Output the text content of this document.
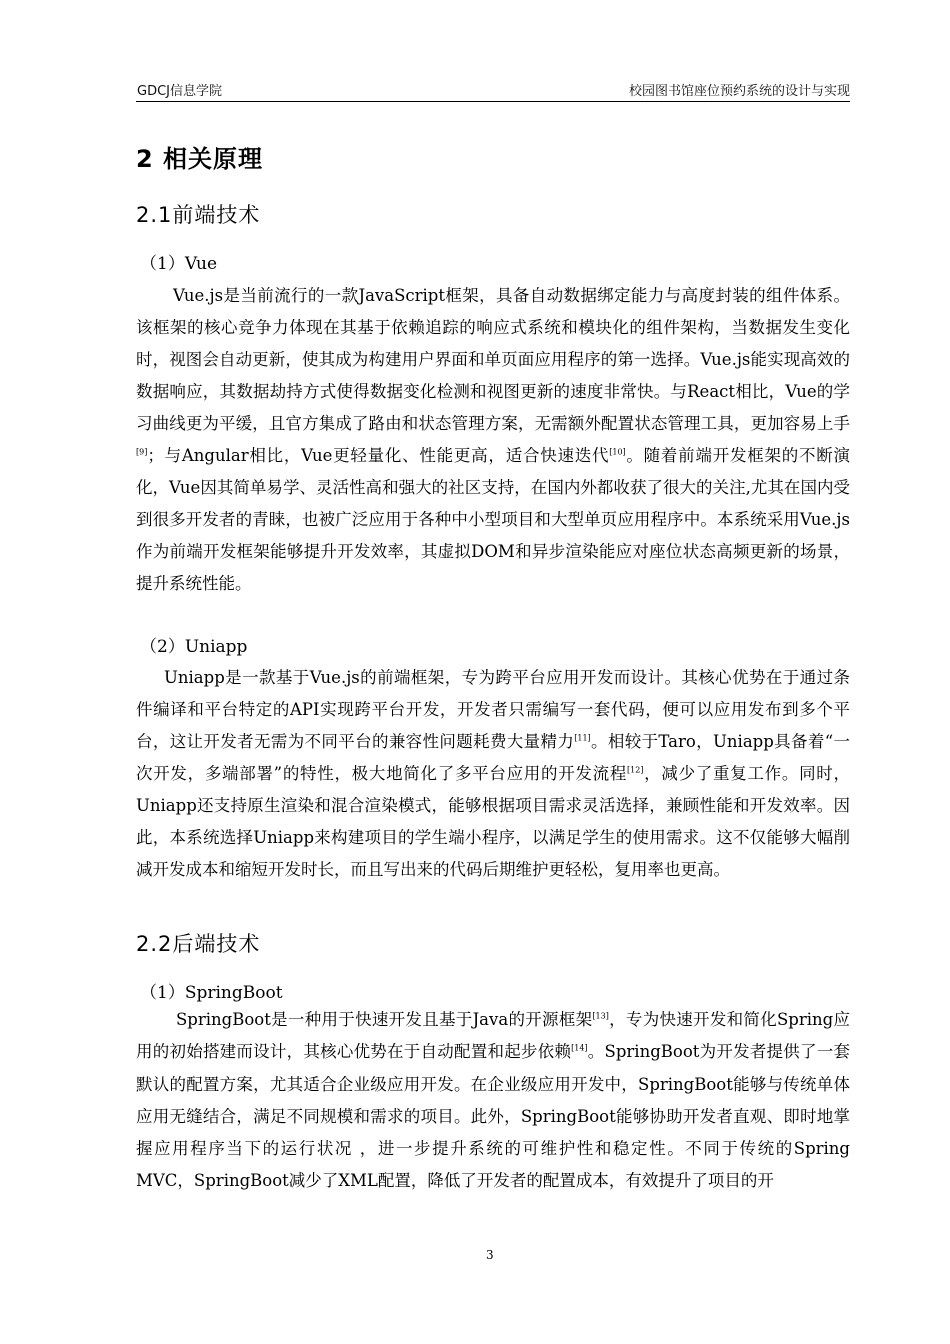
GDCJ信息学院	校园图书馆座位预约系统的设计与实现
2 相关原理
2.1前端技术
（1）Vue

Vue.js是当前流行的一款JavaScript框架，具备自动数据绑定能力与高度封装的组件体系。该框架的核心竞争力体现在其基于依赖追踪的响应式系统和模块化的组件架构，当数据发生变化时，视图会自动更新，使其成为构建用户界面和单页面应用程序的第一选择。Vue.js能实现高效的数据响应，其数据劫持方式使得数据变化检测和视图更新的速度非常快。与React相比，Vue的学习曲线更为平缓，且官方集成了路由和状态管理方案，无需额外配置状态管理工具，更加容易上手[9]；与Angular相比，Vue更轻量化、性能更高，适合快速迭代[10]。随着前端开发框架的不断演化，Vue因其简单易学、灵活性高和强大的社区支持，在国内外都收获了很大的关注,尤其在国内受到很多开发者的青睐，也被广泛应用于各种中小型项目和大型单页应用程序中。本系统采用Vue.js作为前端开发框架能够提升开发效率，其虚拟DOM和异步渲染能应对座位状态高频更新的场景，提升系统性能。

（2）Uniapp

Uniapp是一款基于Vue.js的前端框架，专为跨平台应用开发而设计。其核心优势在于通过条件编译和平台特定的API实现跨平台开发，开发者只需编写一套代码，便可以应用发布到多个平台，这让开发者无需为不同平台的兼容性问题耗费大量精力[11]。相较于Taro，Uniapp具备着“一次开发，多端部署”的特性，极大地简化了多平台应用的开发流程[12]，减少了重复工作。同时，Uniapp还支持原生渲染和混合渲染模式，能够根据项目需求灵活选择，兼顾性能和开发效率。因此，本系统选择Uniapp来构建项目的学生端小程序，以满足学生的使用需求。这不仅能够大幅削减开发成本和缩短开发时长，而且写出来的代码后期维护更轻松，复用率也更高。

2.2后端技术
（1）SpringBoot

SpringBoot是一种用于快速开发且基于Java的开源框架[13]，专为快速开发和简化Spring应用的初始搭建而设计，其核心优势在于自动配置和起步依赖[14]。SpringBoot为开发者提供了一套默认的配置方案，尤其适合企业级应用开发。在企业级应用开发中，SpringBoot能够与传统单体应用无缝结合，满足不同规模和需求的项目。此外，SpringBoot能够协助开发者直观、即时地掌握应用程序当下的运行状况 ，进一步提升系统的可维护性和稳定性。不同于传统的Spring MVC，SpringBoot减少了XML配置，降低了开发者的配置成本，有效提升了项目的开

3
